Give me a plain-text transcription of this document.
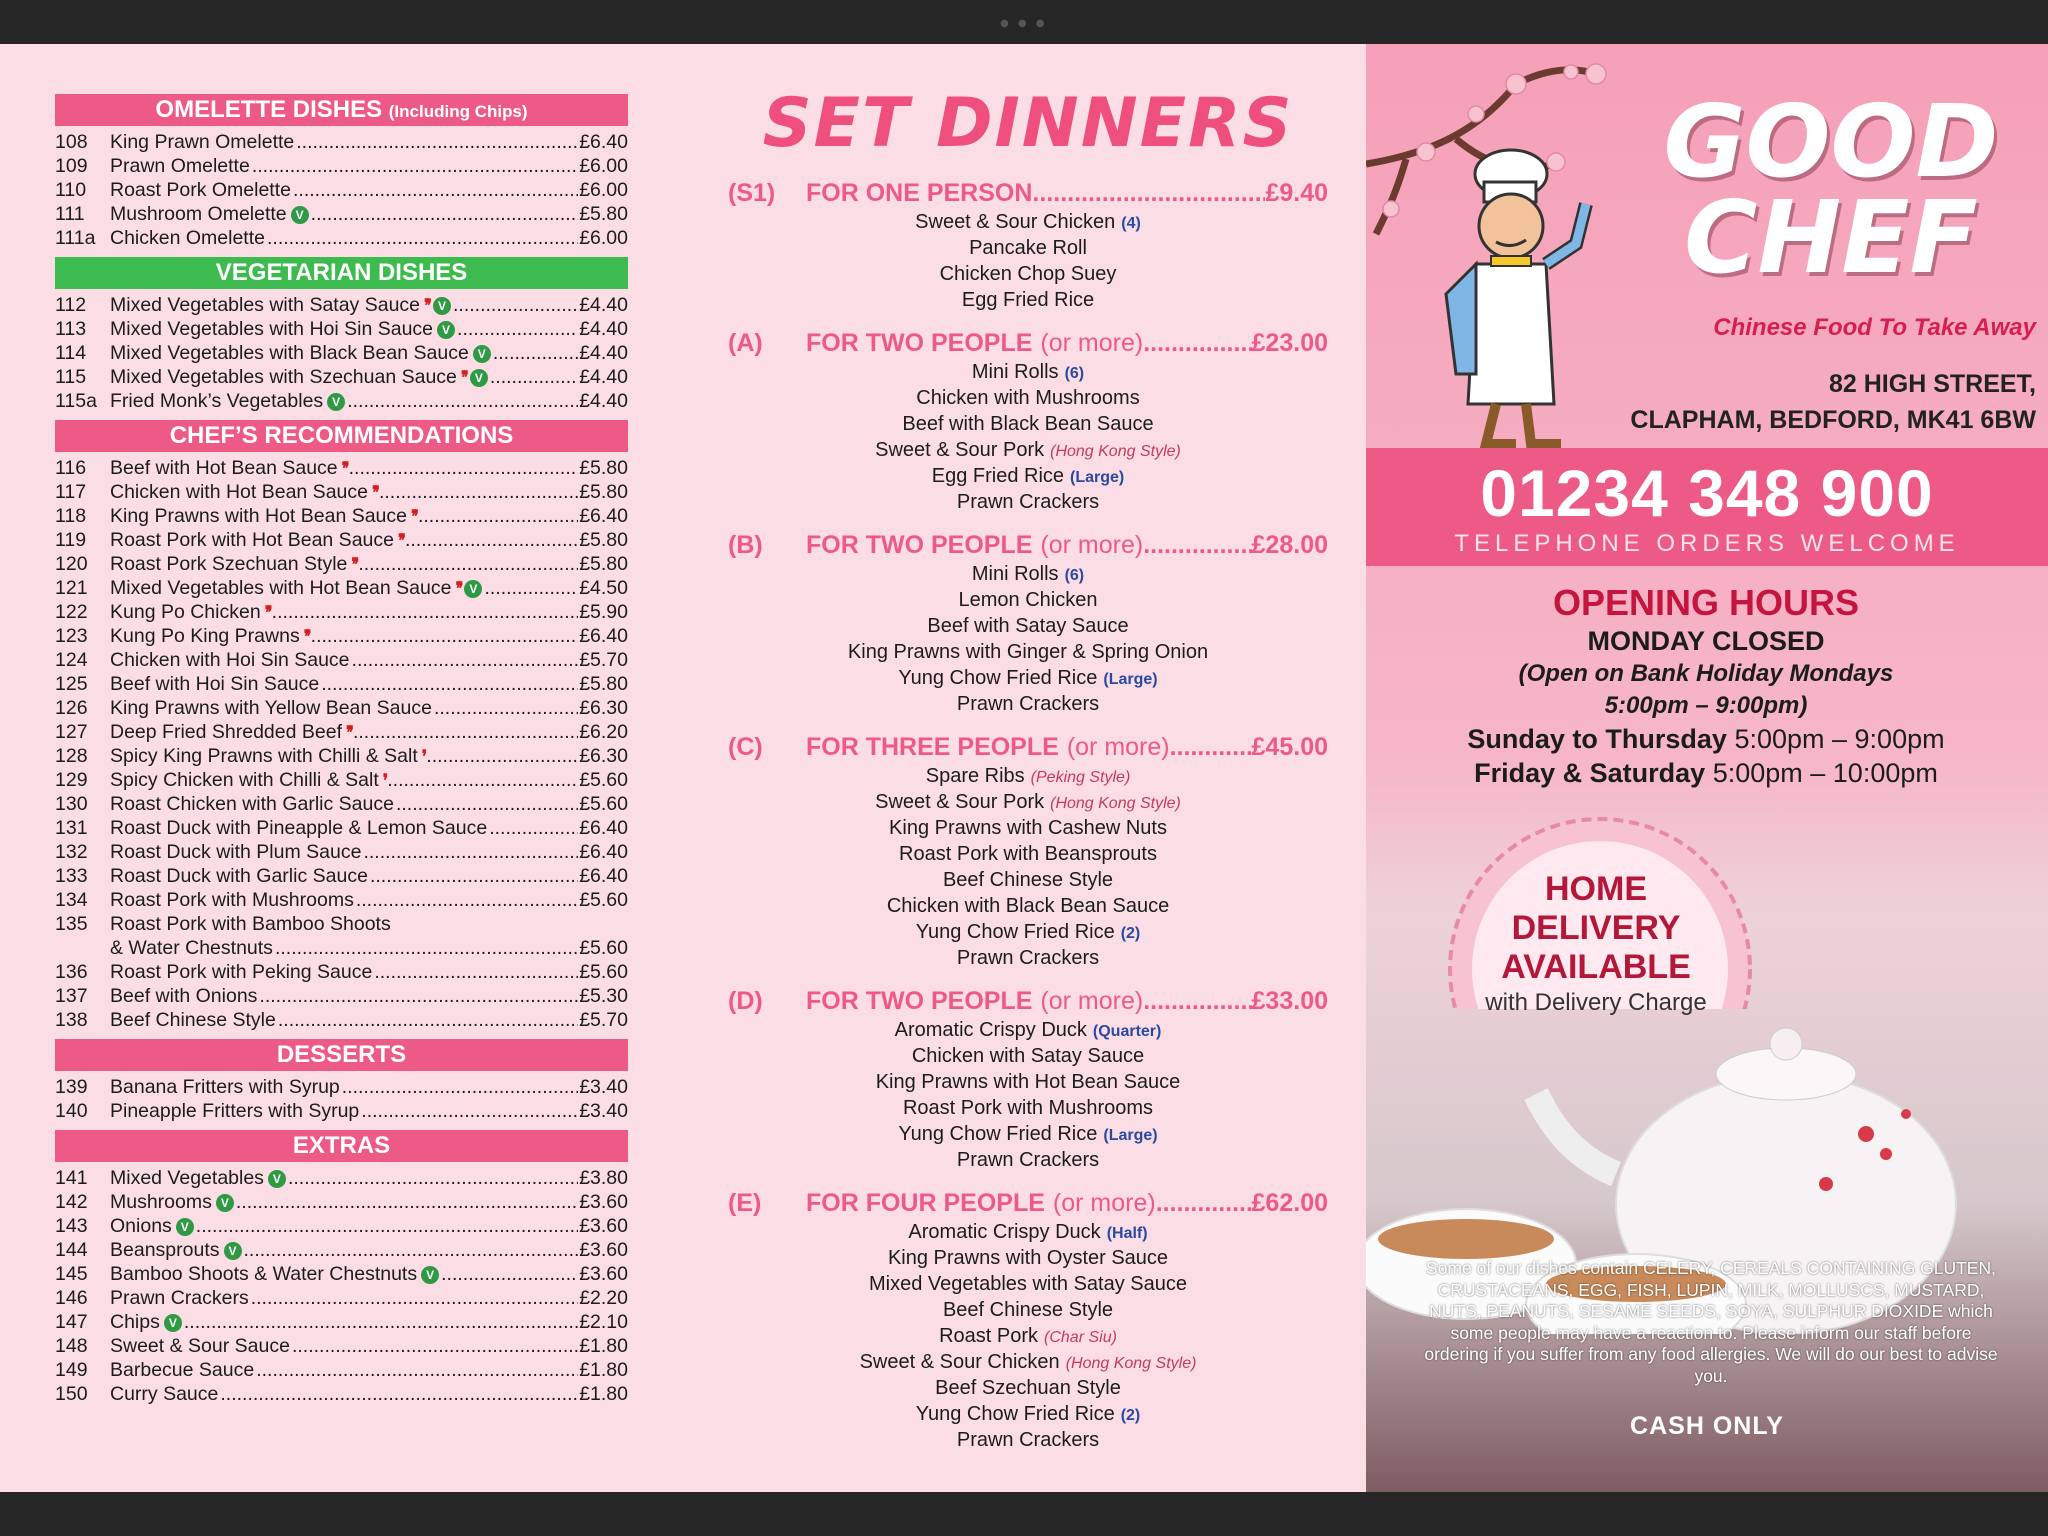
● ● ●
OMELETTE DISHES (Including Chips)
108	King Prawn Omelette .....	£6.40
109	Prawn Omelette .....	£6.00
110	Roast Pork Omelette .....	£6.00
111	Mushroom Omelette V .....	£5.80
111a Chicken Omelette .....	£6.00
VEGETARIAN DISHES
112	Mixed Vegetables with Satay Sauce ❜❜ V .....	£4.40
113	Mixed Vegetables with Hoi Sin Sauce V .....	£4.40
114	Mixed Vegetables with Black Bean Sauce V .....	£4.40
115	Mixed Vegetables with Szechuan Sauce ❜❜ V .....	£4.40
115a Fried Monk’s Vegetables V .....	£4.40
CHEF’S RECOMMENDATIONS
116	Beef with Hot Bean Sauce ❜❜ .....	£5.80
117	Chicken with Hot Bean Sauce ❜❜ .....	£5.80
118	King Prawns with Hot Bean Sauce ❜❜ .....	£6.40
119	Roast Pork with Hot Bean Sauce ❜❜ .....	£5.80
120	Roast Pork Szechuan Style ❜❜ .....	£5.80
121	Mixed Vegetables with Hot Bean Sauce ❜❜ V .....	£4.50
122	Kung Po Chicken ❜❜ .....	£5.90
123	Kung Po King Prawns ❜❜ .....	£6.40
124	Chicken with Hoi Sin Sauce .....	£5.70
125	Beef with Hoi Sin Sauce .....	£5.80
126	King Prawns with Yellow Bean Sauce .....	£6.30
127	Deep Fried Shredded Beef ❜❜ .....	£6.20
128	Spicy King Prawns with Chilli & Salt ❜ .....	£6.30
129	Spicy Chicken with Chilli & Salt ❜ .....	£5.60
130	Roast Chicken with Garlic Sauce .....	£5.60
131	Roast Duck with Pineapple & Lemon Sauce .....	£6.40
132	Roast Duck with Plum Sauce .....	£6.40
133	Roast Duck with Garlic Sauce .....	£6.40
134	Roast Pork with Mushrooms .....	£5.60
135	Roast Pork with Bamboo Shoots
& Water Chestnuts .....	£5.60
136	Roast Pork with Peking Sauce .....	£5.60
137	Beef with Onions .....	£5.30
138	Beef Chinese Style .....	£5.70
DESSERTS
139	Banana Fritters with Syrup .....	£3.40
140	Pineapple Fritters with Syrup .....	£3.40
EXTRAS
141	Mixed Vegetables V .....	£3.80
142	Mushrooms V .....	£3.60
143	Onions V .....	£3.60
144	Beansprouts V .....	£3.60
145	Bamboo Shoots & Water Chestnuts V .....	£3.60
146	Prawn Crackers .....	£2.20
147	Chips V .....	£2.10
148	Sweet & Sour Sauce .....	£1.80
149	Barbecue Sauce .....	£1.80
150	Curry Sauce .....	£1.80
SET DINNERS
(S1)	FOR ONE PERSON .....	£9.40
Sweet & Sour Chicken (4)
Pancake Roll
Chicken Chop Suey
Egg Fried Rice
(A)	FOR TWO PEOPLE (or more) .....	£23.00
Mini Rolls (6)
Chicken with Mushrooms
Beef with Black Bean Sauce
Sweet & Sour Pork (Hong Kong Style)
Egg Fried Rice (Large)
Prawn Crackers
(B)	FOR TWO PEOPLE (or more) .....	£28.00
Mini Rolls (6)
Lemon Chicken
Beef with Satay Sauce
King Prawns with Ginger & Spring Onion
Yung Chow Fried Rice (Large)
Prawn Crackers
(C)	FOR THREE PEOPLE (or more) .....	£45.00
Spare Ribs (Peking Style)
Sweet & Sour Pork (Hong Kong Style)
King Prawns with Cashew Nuts
Roast Pork with Beansprouts
Beef Chinese Style
Chicken with Black Bean Sauce
Yung Chow Fried Rice (2)
Prawn Crackers
(D)	FOR TWO PEOPLE (or more) .....	£33.00
Aromatic Crispy Duck (Quarter)
Chicken with Satay Sauce
King Prawns with Hot Bean Sauce
Roast Pork with Mushrooms
Yung Chow Fried Rice (Large)
Prawn Crackers
(E)	FOR FOUR PEOPLE (or more) .....	£62.00
Aromatic Crispy Duck (Half)
King Prawns with Oyster Sauce
Mixed Vegetables with Satay Sauce
Beef Chinese Style
Roast Pork (Char Siu)
Sweet & Sour Chicken (Hong Kong Style)
Beef Szechuan Style
Yung Chow Fried Rice (2)
Prawn Crackers
GOOD
CHEF
Chinese Food To Take Away
82 HIGH STREET,
CLAPHAM, BEDFORD, MK41 6BW
01234 348 900
TELEPHONE ORDERS WELCOME
OPENING HOURS
MONDAY CLOSED
(Open on Bank Holiday Mondays
5:00pm – 9:00pm)
Sunday to Thursday 5:00pm – 9:00pm
Friday & Saturday 5:00pm – 10:00pm
HOME
DELIVERY
AVAILABLE
with Delivery Charge
Some of our dishes contain CELERY, CEREALS CONTAINING GLUTEN, CRUSTACEANS, EGG, FISH, LUPIN, MILK, MOLLUSCS, MUSTARD, NUTS, PEANUTS, SESAME SEEDS, SOYA, SULPHUR DIOXIDE which some people may have a reaction to. Please inform our staff before ordering if you suffer from any food allergies. We will do our best to advise you.
CASH ONLY
